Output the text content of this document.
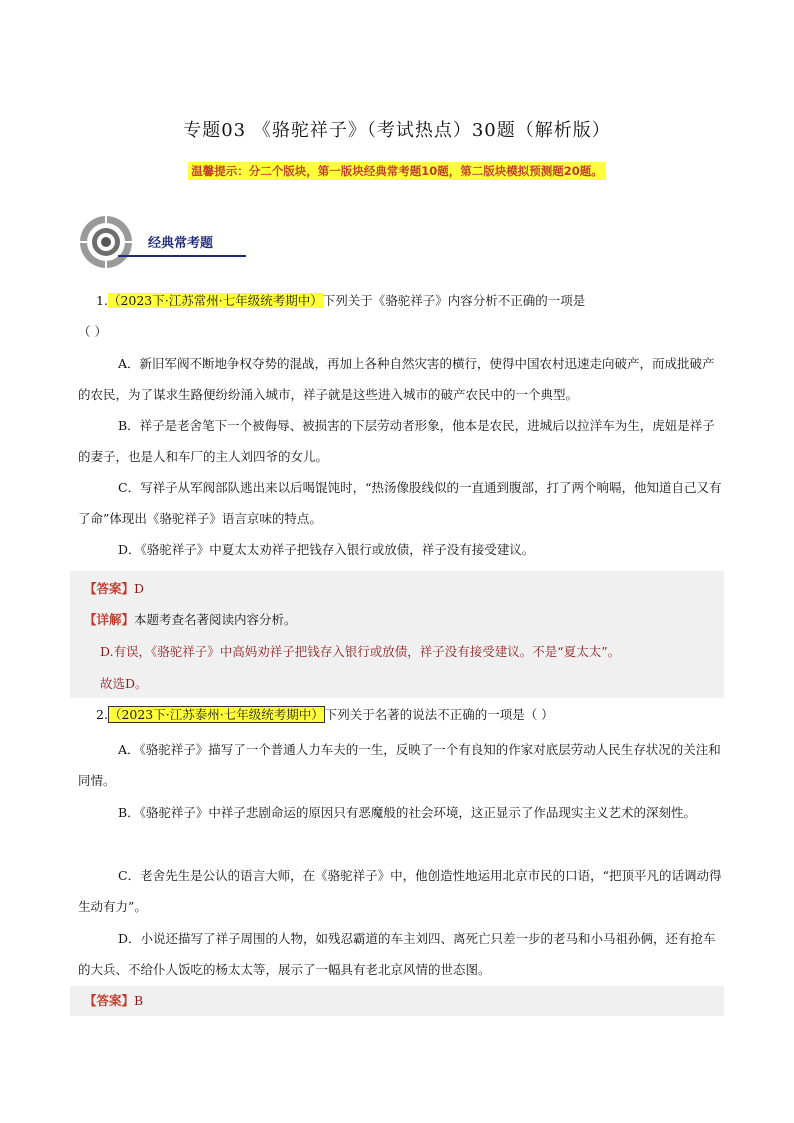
专题03 《骆驼祥子》（考试热点）30题（解析版）
温馨提示：分二个版块，第一版块经典常考题10题，第二版块模拟预测题20题。
经典常考题
1.（2023下·江苏常州·七年级统考期中）下列关于《骆驼祥子》内容分析不正确的一项是
（ ）
A．新旧军阀不断地争权夺势的混战，再加上各种自然灾害的横行，使得中国农村迅速走向破产，而成批破产的农民，为了谋求生路便纷纷涌入城市，祥子就是这些进入城市的破产农民中的一个典型。
B．祥子是老舍笔下一个被侮辱、被损害的下层劳动者形象，他本是农民，进城后以拉洋车为生，虎妞是祥子的妻子，也是人和车厂的主人刘四爷的女儿。
C．写祥子从军阀部队逃出来以后喝馄饨时，“热汤像股线似的一直通到腹部，打了两个响嗝，他知道自己又有了命”体现出《骆驼祥子》语言京味的特点。
D．《骆驼祥子》中夏太太劝祥子把钱存入银行或放债，祥子没有接受建议。
【答案】D
【详解】本题考查名著阅读内容分析。
D.有误，《骆驼祥子》中高妈劝祥子把钱存入银行或放债，祥子没有接受建议。不是“夏太太”。
故选D。
2.（2023下·江苏泰州·七年级统考期中）下列关于名著的说法不正确的一项是（ ）
A．《骆驼祥子》描写了一个普通人力车夫的一生，反映了一个有良知的作家对底层劳动人民生存状况的关注和同情。
B．《骆驼祥子》中祥子悲剧命运的原因只有恶魔般的社会环境，这正显示了作品现实主义艺术的深刻性。
C．老舍先生是公认的语言大师，在《骆驼祥子》中，他创造性地运用北京市民的口语，“把顶平凡的话调动得生动有力”。
D．小说还描写了祥子周围的人物，如残忍霸道的车主刘四、离死亡只差一步的老马和小马祖孙俩，还有抢车的大兵、不给仆人饭吃的杨太太等，展示了一幅具有老北京风情的世态图。
【答案】B
